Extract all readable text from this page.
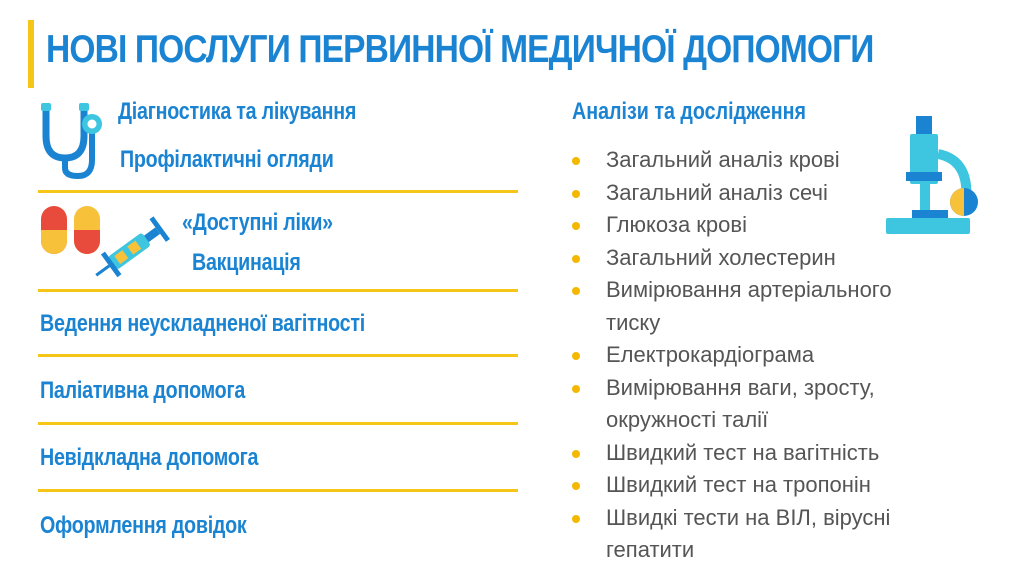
НОВІ ПОСЛУГИ ПЕРВИННОЇ МЕДИЧНОЇ ДОПОМОГИ

Діагностика та лікування

Профілактичні огляди

«Доступні ліки»

Вакцинація

Ведення неускладненої вагітності

Паліативна допомога

Невідкладна допомога

Оформлення довідок

Аналізи та дослідження

Загальний аналіз крові
Загальний аналіз сечі
Глюкоза крові
Загальний холестерин
Вимірювання артеріального
тиску
Електрокардіограма
Вимірювання ваги, зросту,
окружності талії
Швидкий тест на вагітність
Швидкий тест на тропонін
Швидкі тести на ВІЛ, вірусні
гепатити
